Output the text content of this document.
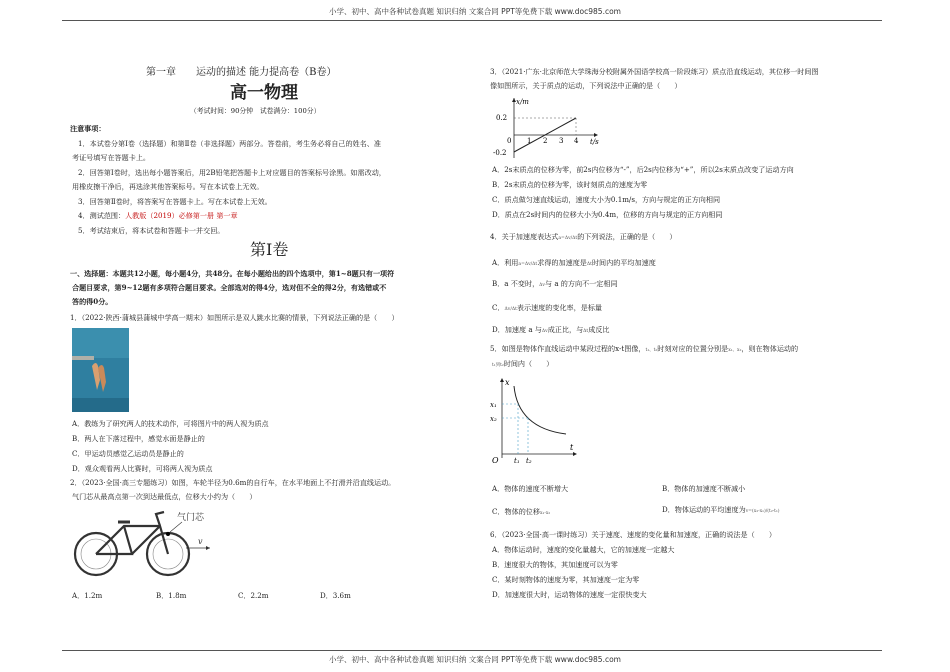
小学、初中、高中各种试卷真题 知识归纳 文案合同 PPT等免费下载 www.doc985.com
小学、初中、高中各种试卷真题 知识归纳 文案合同 PPT等免费下载 www.doc985.com
第一章　　运动的描述 能力提高卷（B卷）
高一物理
（考试时间：90分钟　试卷满分：100分）
注意事项：
1．本试卷分第Ⅰ卷（选择题）和第Ⅱ卷（非选择题）两部分。答卷前，考生务必将自己的姓名、准
考证号填写在答题卡上。
2．回答第Ⅰ卷时，选出每小题答案后，用2B铅笔把答题卡上对应题目的答案标号涂黑。如需改动，
用橡皮擦干净后，再选涂其他答案标号。写在本试卷上无效。
3．回答第Ⅱ卷时，将答案写在答题卡上。写在本试卷上无效。
4．测试范围：人教版（2019）必修第一册 第一章
5．考试结束后，将本试卷和答题卡一并交回。
第Ⅰ卷
一、选择题：本题共12小题，每小题4分，共48分。在每小题给出的四个选项中，第1~8题只有一项符
合题目要求，第9~12题有多项符合题目要求。全部选对的得4分，选对但不全的得2分，有选错或不
答的得0分。
1．（2022·陕西·蒲城县蒲城中学高一期末）如图所示是双人跳水比赛的情景，下列说法正确的是（　　）
A．教练为了研究两人的技术动作，可将图片中的两人视为质点
B．两人在下落过程中，感觉水面是静止的
C．甲运动员感觉乙运动员是静止的
D．观众观看两人比赛时，可将两人视为质点
2．（2023·全国·高三专题练习）如图，车轮半径为0.6m的自行车，在水平地面上不打滑并沿直线运动。
气门芯从最高点第一次到达最低点，位移大小约为（　　）
气门芯
v
A．1.2m	B．1.8m	C．2.2m	D．3.6m
3．（2021·广东·北京师范大学珠海分校附属外国语学校高一阶段练习）质点沿直线运动，其位移一时间图
像如图所示，关于质点的运动，下列说法中正确的是（　　）
x/m
t/s
0.2
-0.2
0 1 2 3 4
A．2s末质点的位移为零，前2s内位移为“-”，后2s内位移为“+”，所以2s末质点改变了运动方向
B．2s末质点的位移为零，该时刻质点的速度为零
C．质点做匀速直线运动，速度大小为0.1m/s，方向与规定的正方向相同
D．质点在2s时间内的位移大小为0.4m，位移的方向与规定的正方向相同
4．关于加速度表达式a=Δv/Δt的下列说法，正确的是（　　）
A．利用a=Δv/Δt求得的加速度是Δt时间内的平均加速度
B．a 不变时，Δv与 a 的方向不一定相同
C．Δv/Δt表示速度的变化率，是标量
D．加速度 a 与Δv成正比，与Δt成反比
5．如图是物体作直线运动中某段过程的x-t图像，t₁、t₂时刻对应的位置分别是x₁、x₂，则在物体运动的
t₁到t₂时间内（　　）
x
t
O
x₁
x₂
t₁ t₂
A．物体的速度不断增大	B．物体的加速度不断减小
C．物体的位移x₁-x₂	D．物体运动的平均速度为v=(x₂-x₁)/(t₂-t₁)
6．（2023·全国·高一课时练习）关于速度、速度的变化量和加速度，正确的说法是（　　）
A．物体运动时，速度的变化量越大，它的加速度一定越大
B．速度很大的物体，其加速度可以为零
C．某时刻物体的速度为零，其加速度一定为零
D．加速度很大时，运动物体的速度一定很快变大
